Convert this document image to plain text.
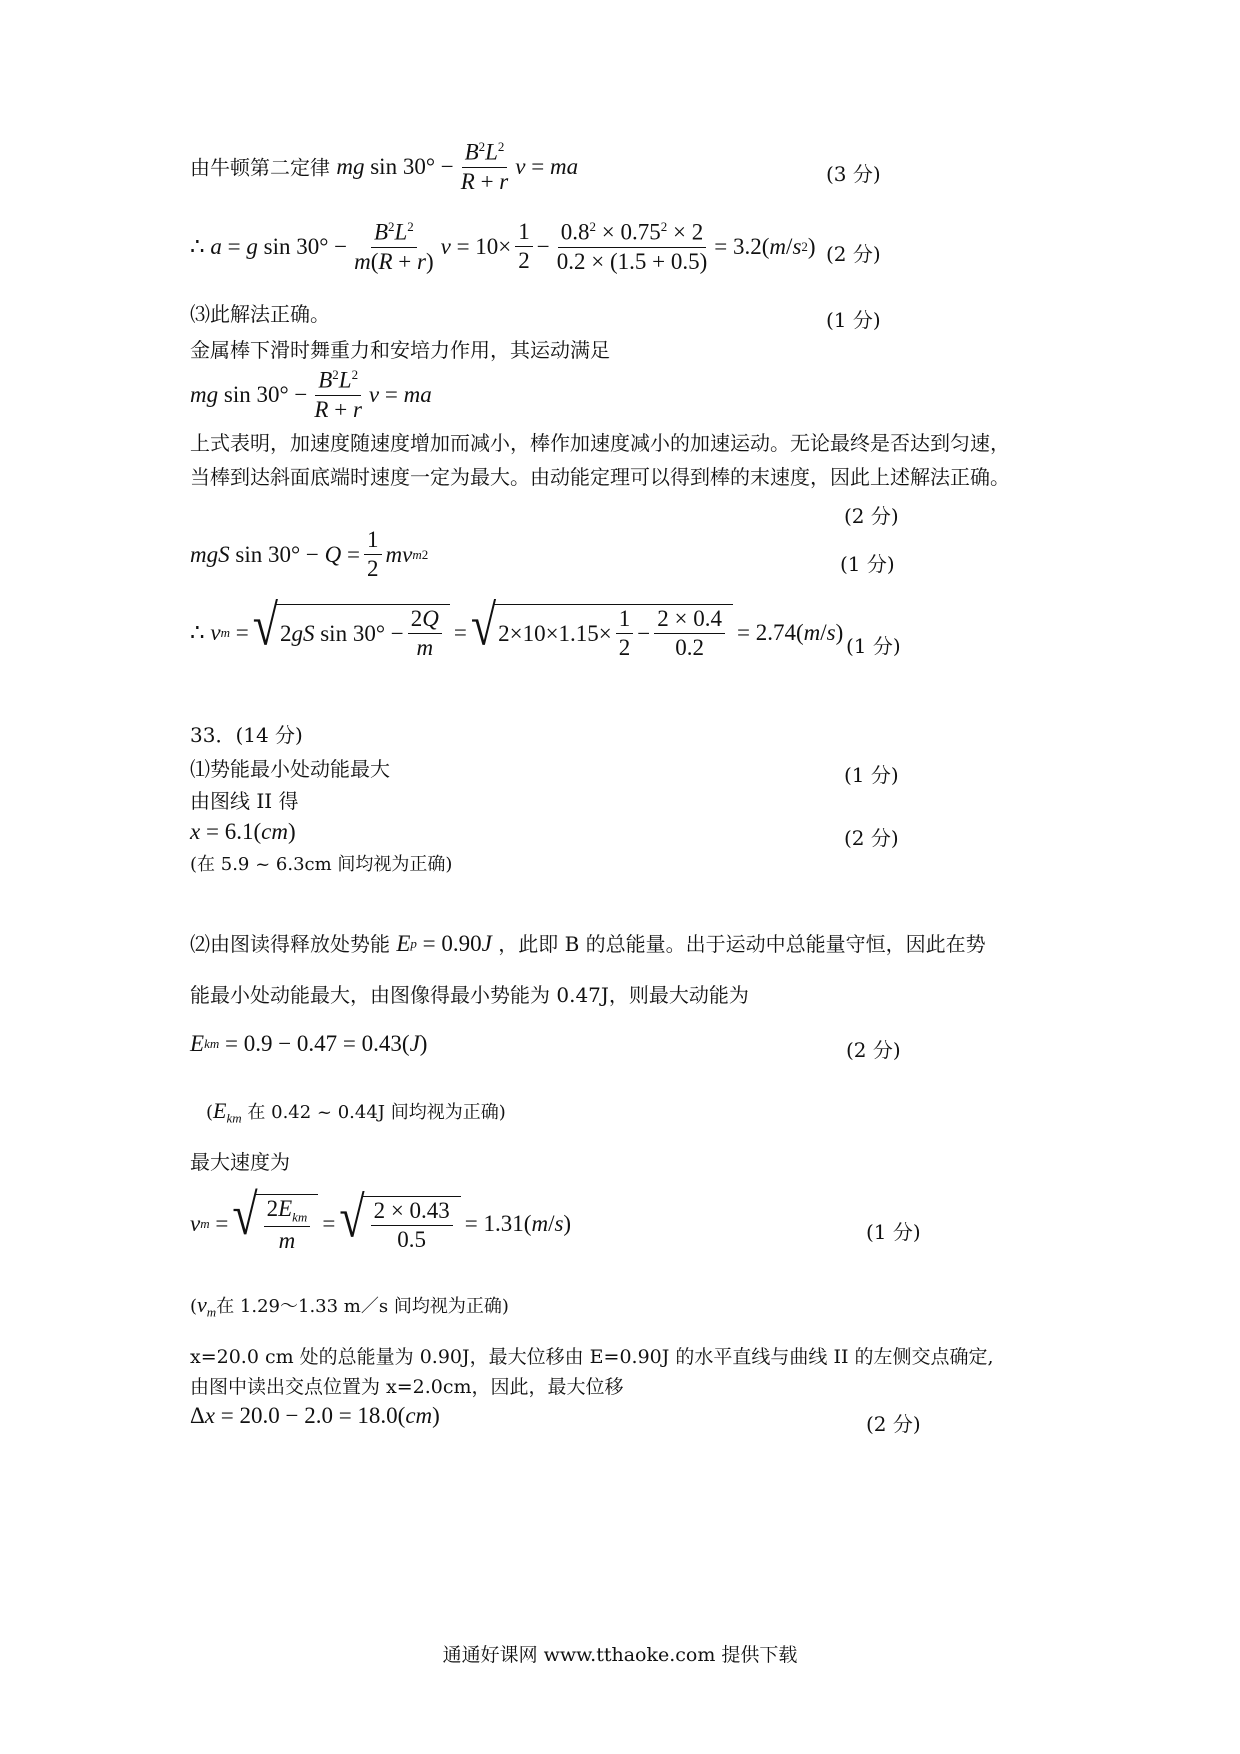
由牛顿第二定律 mg $\sin 30^\circ - \frac{B^2L^2}{R + r}$ v = ma	(3 分)
∴ a = g $\sin 30^\circ - \frac{B^2L^2}{m(R + r)}$ $v = 10\times \frac{1}{2} - \frac{0.8^2 \times 0.75^2 \times 2}{0.2 \times (1.5 + 0.5)} = 3.2$( m / s 2 ) (2 分)
⑶此解法正确。	(1 分)
金属棒下滑时舞重力和安培力作用，其运动满足
mg $\sin 30^\circ - \frac{B^2L^2}{R + r}$ v = ma
上式表明，加速度随速度增加而减小，棒作加速度减小的加速运动。无论最终是否达到匀速，
当棒到达斜面底端时速度一定为最大。由动能定理可以得到棒的末速度，因此上述解法正确。
(2 分)
mgS $\sin 30^\circ - Q = \frac{1}{2}$ mv m 2	(1 分)
∴ v m = √ 2 gS $\sin 30^\circ - \frac{2Q}{m}$ = √ $2\times 10\times 1.15\times \frac{1}{2} - \frac{2 \times 0.4}{0.2} = 2.74$( m / s )
(1 分)
33．(14 分)
⑴势能最小处动能最大	(1 分)
由图线 II 得
x = 6.1( cm )	(2 分)
(在 5.9 ~ 6.3cm 间均视为正确)
⑵由图读得释放处势能 E p = 0.90 J ，此即 B 的总能量。出于运动中总能量守恒，因此在势
能最小处动能最大，由图像得最小势能为 0.47J，则最大动能为
E km = 0.9 − 0.47 = 0.43( J )	(2 分)
($E_{km}$ 在 0.42 ~ 0.44J 间均视为正确)
最大速度为
v m = √ $\frac{2E_{km}}{m}$ = √ $\frac{2 \times 0.43}{0.5} = 1.31$( m / s )	(1 分)
($v_m$在 1.29～1.33 m／s 间均视为正确)
x=20.0 cm 处的总能量为 0.90J，最大位移由 E=0.90J 的水平直线与曲线 II 的左侧交点确定,
由图中读出交点位置为 x=2.0cm，因此，最大位移
Δ x = 20.0 − 2.0 = 18.0( cm )	(2 分)
通通好课网 www.tthaoke.com 提供下载
